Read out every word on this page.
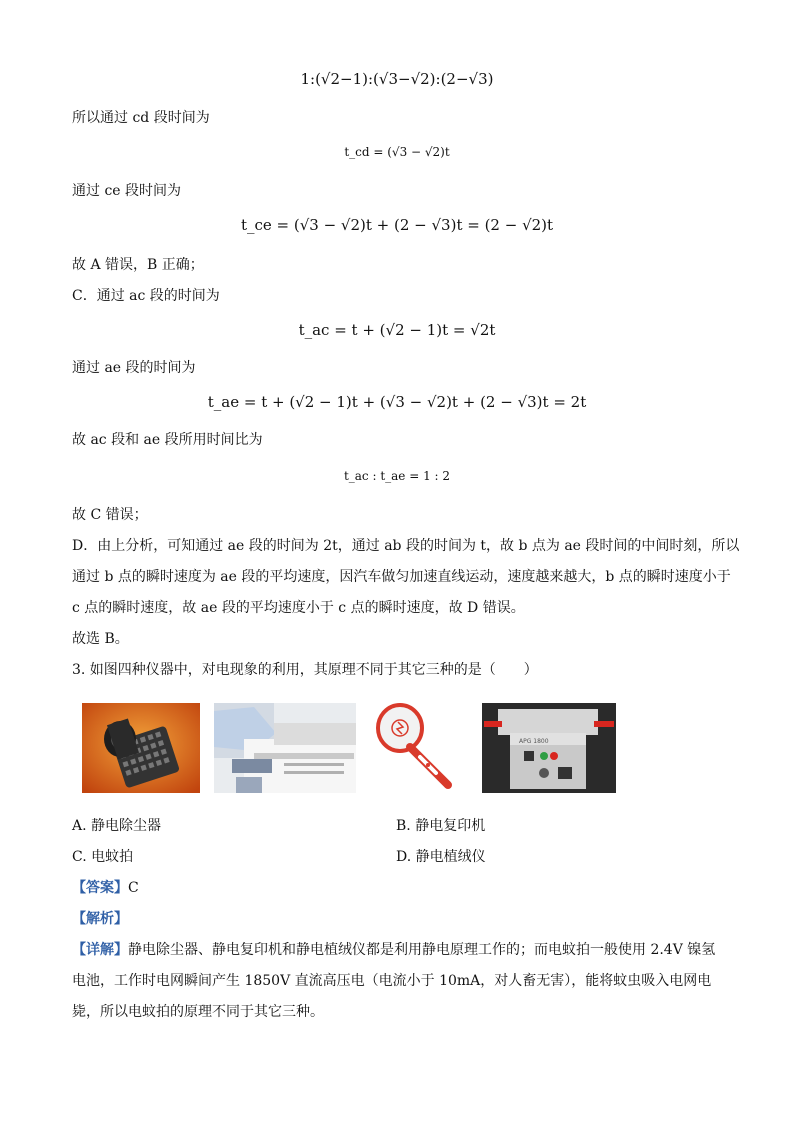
1:(√2−1):(√3−√2):(2−√3)
所以通过 cd 段时间为
t_cd = (√3 − √2)t
通过 ce 段时间为
t_ce = (√3 − √2)t + (2 − √3)t = (2 − √2)t
故 A 错误，B 正确；
C．通过 ac 段的时间为
t_ac = t + (√2 − 1)t = √2t
通过 ae 段的时间为
t_ae = t + (√2 − 1)t + (√3 − √2)t + (2 − √3)t = 2t
故 ac 段和 ae 段所用时间比为
t_ac : t_ae = 1 : 2
故 C 错误；
D．由上分析，可知通过 ae 段的时间为 2t，通过 ab 段的时间为 t，故 b 点为 ae 段时间的中间时刻，所以
通过 b 点的瞬时速度为 ae 段的平均速度，因汽车做匀加速直线运动，速度越来越大，b 点的瞬时速度小于
c 点的瞬时速度，故 ae 段的平均速度小于 c 点的瞬时速度，故 D 错误。
故选 B。
3. 如图四种仪器中，对电现象的利用，其原理不同于其它三种的是（　　）
APG 1800
A. 静电除尘器	B. 静电复印机
C. 电蚊拍	D. 静电植绒仪
【答案】C
【解析】
【详解】静电除尘器、静电复印机和静电植绒仪都是利用静电原理工作的；而电蚊拍一般使用 2.4V 镍氢
电池，工作时电网瞬间产生 1850V 直流高压电（电流小于 10mA，对人畜无害），能将蚊虫吸入电网电
毙，所以电蚊拍的原理不同于其它三种。
